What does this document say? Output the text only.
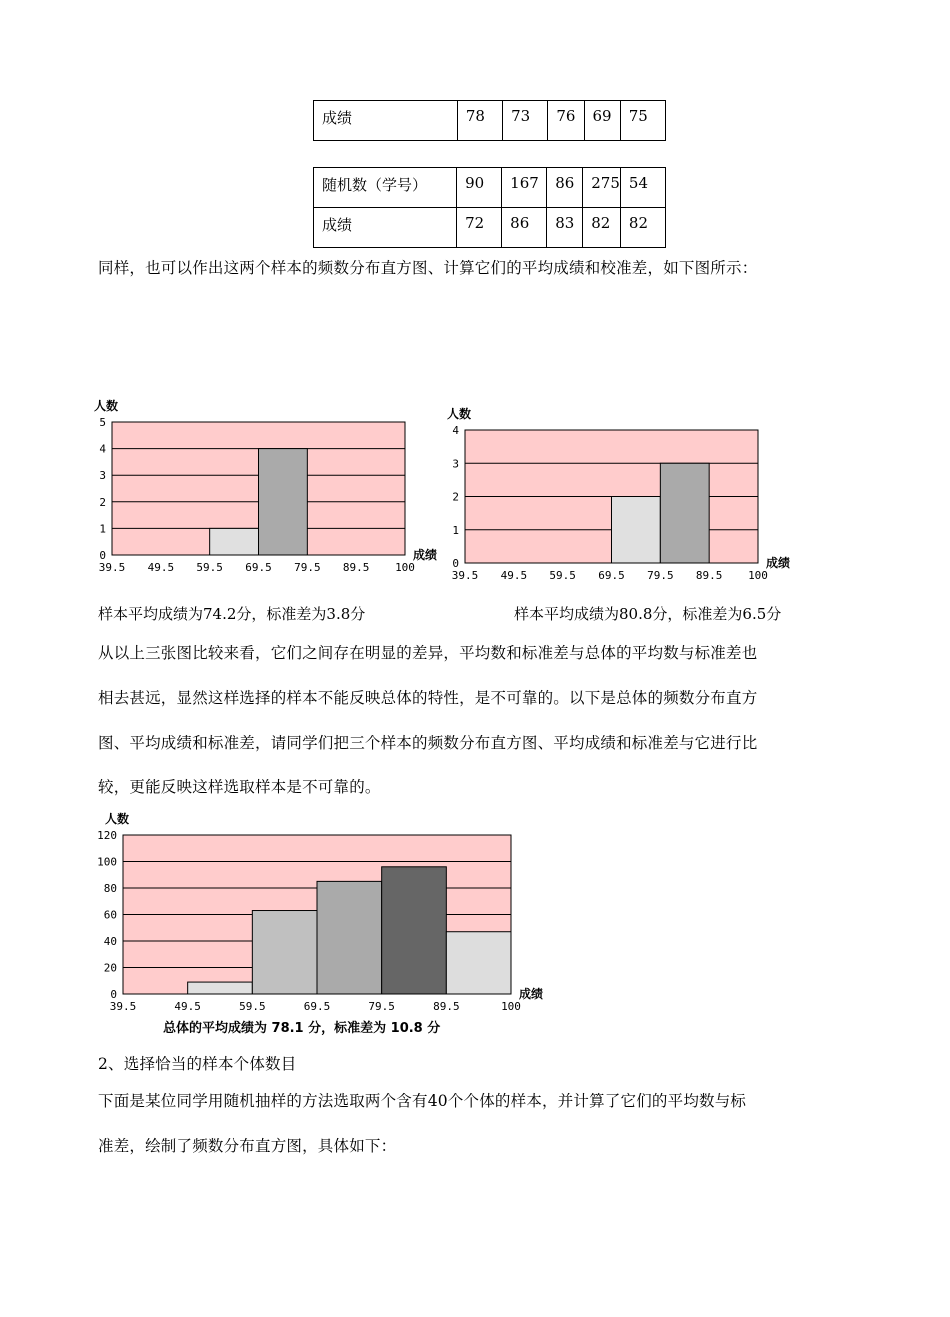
成绩	78	73	76	69	75
随机数（学号）	90	167	86	275	54
成绩	72	86	83	82	82
同样，也可以作出这两个样本的频数分布直方图、计算它们的平均成绩和校准差，如下图所示：
0
1
2
3
4
5
39.5 49.5 59.5 69.5 79.5 89.5 100
人数
成绩
0
1
2
3
4
39.5 49.5 59.5 69.5 79.5 89.5 100
人数
成绩
样本平均成绩为74.2分，标准差为3.8分	样本平均成绩为80.8分，标准差为6.5分
从以上三张图比较来看，它们之间存在明显的差异，平均数和标准差与总体的平均数与标准差也
相去甚远，显然这样选择的样本不能反映总体的特性，是不可靠的。以下是总体的频数分布直方
图、平均成绩和标准差，请同学们把三个样本的频数分布直方图、平均成绩和标准差与它进行比
较，更能反映这样选取样本是不可靠的。
0
20
40
60
80
100
120
39.5	49.5	59.5	69.5	79.5	89.5	100
人数
成绩
总体的平均成绩为 78.1 分，标准差为 10.8 分
2、选择恰当的样本个体数目
下面是某位同学用随机抽样的方法选取两个含有40个个体的样本，并计算了它们的平均数与标
准差，绘制了频数分布直方图，具体如下：
